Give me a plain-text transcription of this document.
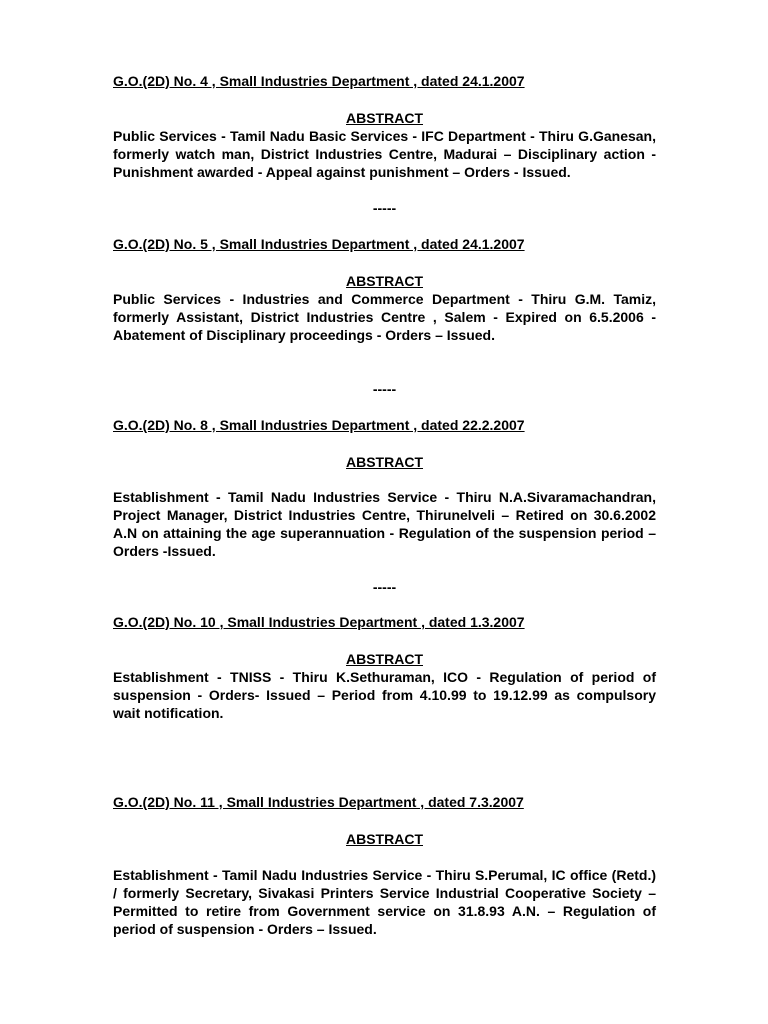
G.O.(2D) No. 4 , Small Industries Department , dated 24.1.2007
ABSTRACT

Public Services - Tamil Nadu Basic Services - IFC Department - Thiru G.Ganesan, formerly watch man, District Industries Centre, Madurai – Disciplinary action - Punishment awarded - Appeal against punishment – Orders - Issued.

-----
G.O.(2D) No. 5 , Small Industries Department , dated 24.1.2007
ABSTRACT

Public Services - Industries and Commerce Department - Thiru G.M. Tamiz, formerly Assistant, District Industries Centre , Salem - Expired on 6.5.2006 - Abatement of Disciplinary proceedings - Orders – Issued.

-----
G.O.(2D) No. 8 , Small Industries Department , dated 22.2.2007
ABSTRACT

Establishment - Tamil Nadu Industries Service - Thiru N.A.Sivaramachandran, Project Manager, District Industries Centre, Thirunelveli – Retired on 30.6.2002 A.N on attaining the age superannuation - Regulation of the suspension period – Orders -Issued.

-----
G.O.(2D) No. 10 , Small Industries Department , dated 1.3.2007
ABSTRACT

Establishment - TNISS - Thiru K.Sethuraman, ICO - Regulation of period of suspension - Orders- Issued – Period from 4.10.99 to 19.12.99 as compulsory wait notification.

G.O.(2D) No. 11 , Small Industries Department , dated 7.3.2007
ABSTRACT

Establishment - Tamil Nadu Industries Service - Thiru S.Perumal, IC office (Retd.) / formerly Secretary, Sivakasi Printers Service Industrial Cooperative Society – Permitted to retire from Government service on 31.8.93 A.N. – Regulation of period of suspension - Orders – Issued.
